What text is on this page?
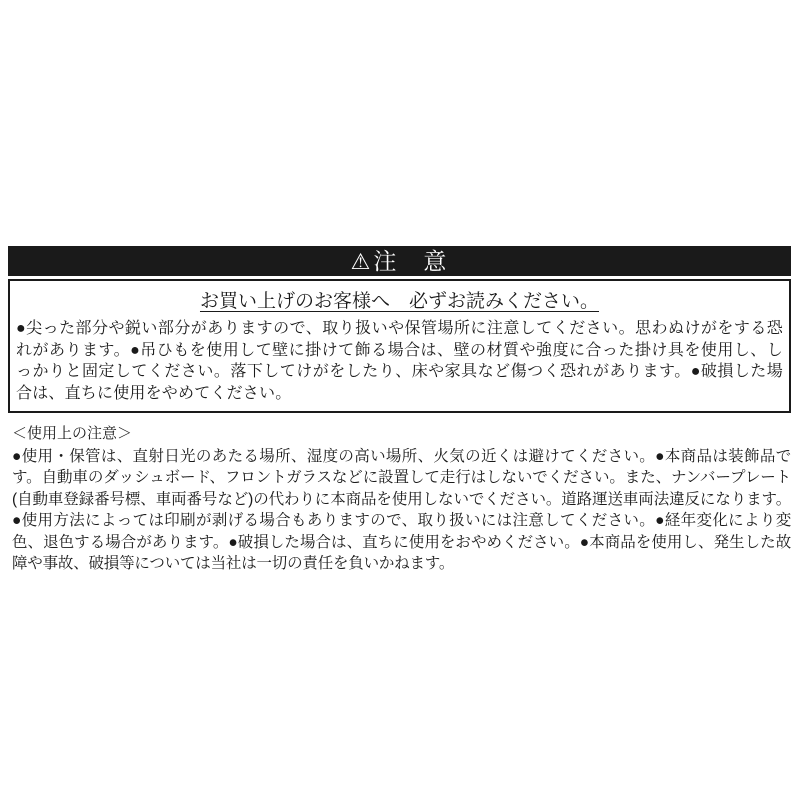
⚠ 注　意
お買い上げのお客様へ　必ずお読みください。
●尖った部分や鋭い部分がありますので、取り扱いや保管場所に注意してください。思わぬけがをする恐れがあります。●吊ひもを使用して壁に掛けて飾る場合は、壁の材質や強度に合った掛け具を使用し、しっかりと固定してください。落下してけがをしたり、床や家具など傷つく恐れがあります。●破損した場合は、直ちに使用をやめてください。
＜使用上の注意＞
●使用・保管は、直射日光のあたる場所、湿度の高い場所、火気の近くは避けてください。●本商品は装飾品です。自動車のダッシュボード、フロントガラスなどに設置して走行はしないでください。また、ナンバープレート(自動車登録番号標、車両番号など)の代わりに本商品を使用しないでください。道路運送車両法違反になります。●使用方法によっては印刷が剥げる場合もありますので、取り扱いには注意してください。●経年変化により変色、退色する場合があります。●破損した場合は、直ちに使用をおやめください。●本商品を使用し、発生した故障や事故、破損等については当社は一切の責任を負いかねます。
